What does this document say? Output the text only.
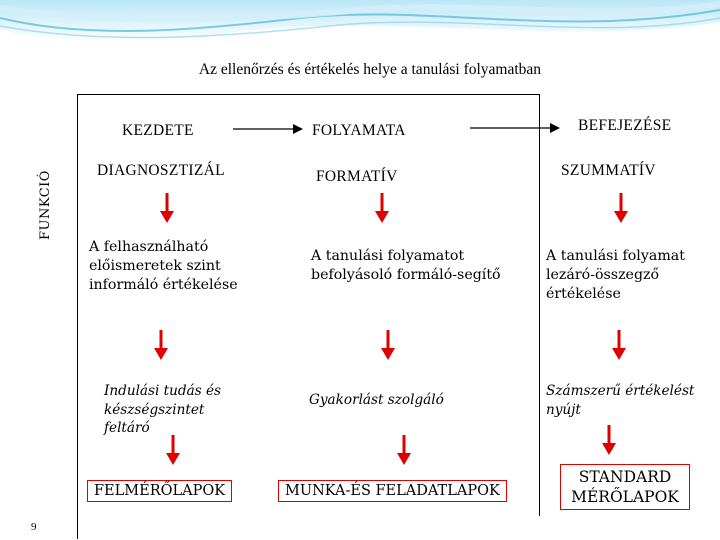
Az ellenőrzés és értékelés helye a tanulási folyamatban
FUNKCIÓ
KEZDETE	FOLYAMATA	BEFEJEZÉSE
DIAGNOSZTIZÁL	FORMATÍV	SZUMMATÍV
A felhasználható előismeretek szint informáló értékelése
A tanulási folyamatot befolyásoló formáló-segítő
A tanulási folyamat lezáró-összegző értékelése
Indulási tudás és készségszintet feltáró
Gyakorlást szolgáló
Számszerű értékelést nyújt
FELMÉRŐLAPOK	MUNKA-ÉS FELADATLAPOK
STANDARD MÉRŐLAPOK
9
